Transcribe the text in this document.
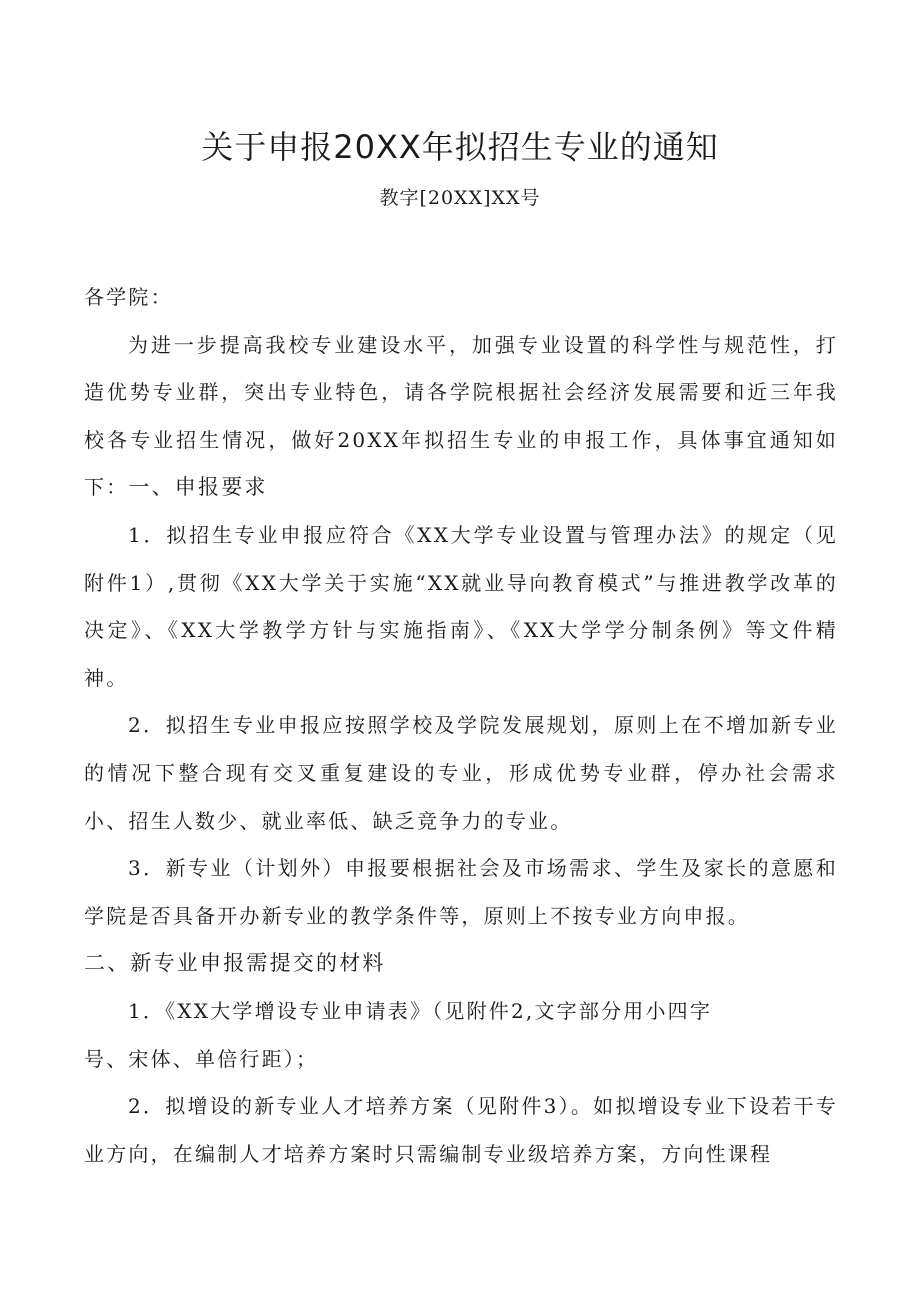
关于申报20XX年拟招生专业的通知
教字[20XX]XX号

各学院：

为进一步提高我校专业建设水平，加强专业设置的科学性与规范性，打造优势专业群，突出专业特色，请各学院根据社会经济发展需要和近三年我校各专业招生情况，做好20XX年拟招生专业的申报工作，具体事宜通知如下：一、申报要求

1．拟招生专业申报应符合《XX大学专业设置与管理办法》的规定（见附件1）,贯彻《XX大学关于实施“XX就业导向教育模式”与推进教学改革的决定》、《XX大学教学方针与实施指南》、《XX大学学分制条例》等文件精神。

2．拟招生专业申报应按照学校及学院发展规划，原则上在不增加新专业的情况下整合现有交叉重复建设的专业，形成优势专业群，停办社会需求小、招生人数少、就业率低、缺乏竞争力的专业。

3．新专业（计划外）申报要根据社会及市场需求、学生及家长的意愿和学院是否具备开办新专业的教学条件等，原则上不按专业方向申报。

二、新专业申报需提交的材料

1．《XX大学增设专业申请表》（见附件2,文字部分用小四字

号、宋体、单倍行距）；

2．拟增设的新专业人才培养方案（见附件3）。如拟增设专业下设若干专业方向，在编制人才培养方案时只需编制专业级培养方案，方向性课程
